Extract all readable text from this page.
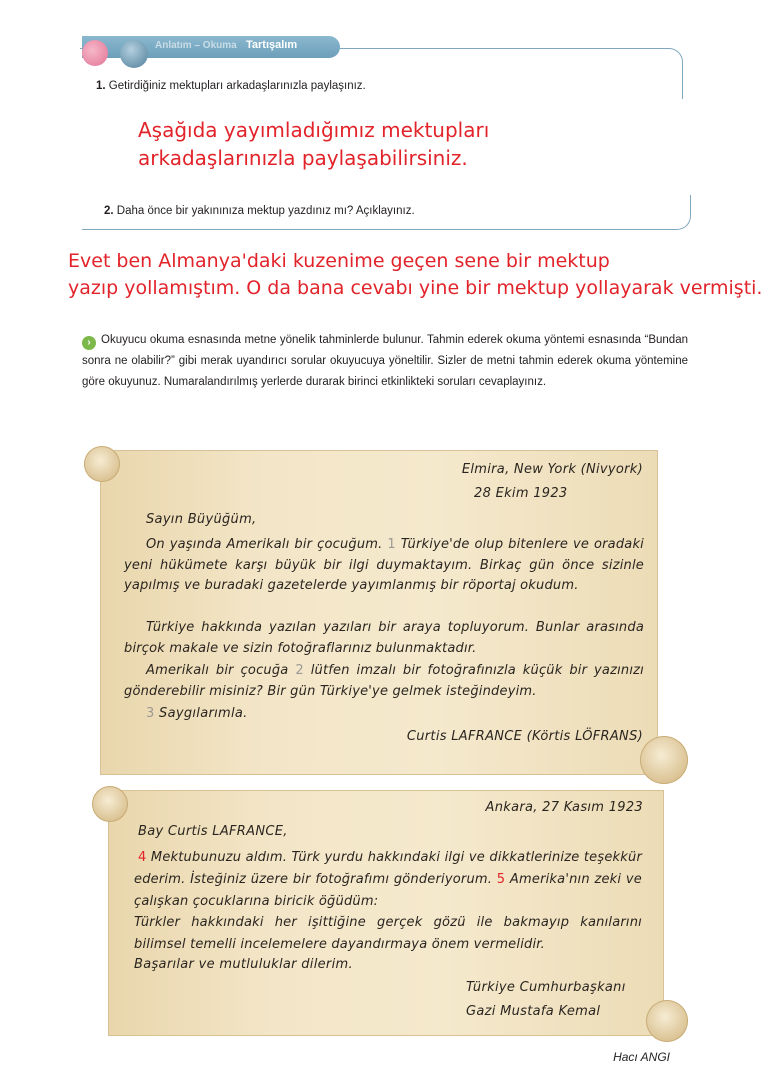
Anlatım – Okuma Tartışalım
1. Getirdiğiniz mektupları arkadaşlarınızla paylaşınız.
Aşağıda yayımladığımız mektupları
arkadaşlarınızla paylaşabilirsiniz.
2. Daha önce bir yakınınıza mektup yazdınız mı? Açıklayınız.
Evet ben Almanya'daki kuzenime geçen sene bir mektup
yazıp yollamıştım. O da bana cevabı yine bir mektup yollayarak vermişti.
› Okuyucu okuma esnasında metne yönelik tahminlerde bulunur. Tahmin ederek okuma yöntemi esnasında “Bundan sonra ne olabilir?” gibi merak uyandırıcı sorular okuyucuya yöneltilir. Sizler de metni tahmin ederek okuma yöntemine göre okuyunuz. Numaralandırılmış yerlerde durarak birinci etkinlikteki soruları cevaplayınız.
Elmira, New York (Nivyork)
28 Ekim 1923
Sayın Büyüğüm,
On yaşında Amerikalı bir çocuğum. 1 Türkiye'de olup bitenlere ve oradaki yeni hükümete karşı büyük bir ilgi duymaktayım. Birkaç gün önce sizinle yapılmış ve buradaki gazetelerde yayımlanmış bir röportaj okudum.
Türkiye hakkında yazılan yazıları bir araya topluyorum. Bunlar arasında birçok makale ve sizin fotoğraflarınız bulunmaktadır.
Amerikalı bir çocuğa 2 lütfen imzalı bir fotoğrafınızla küçük bir yazınızı gönderebilir misiniz? Bir gün Türkiye'ye gelmek isteğindeyim.
3 Saygılarımla.
Curtis LAFRANCE (Körtis LÖFRANS)
Ankara, 27 Kasım 1923
Bay Curtis LAFRANCE,
4 Mektubunuzu aldım. Türk yurdu hakkındaki ilgi ve dikkatlerinize teşekkür ederim. İsteğiniz üzere bir fotoğrafımı gönderiyorum. 5 Amerika'nın zeki ve çalışkan çocuklarına biricik öğüdüm:
Türkler hakkındaki her işittiğine gerçek gözü ile bakmayıp kanılarını bilimsel temelli incelemelere dayandırmaya önem vermelidir.
Başarılar ve mutluluklar dilerim.
Türkiye Cumhurbaşkanı
Gazi Mustafa Kemal
Hacı ANGI
